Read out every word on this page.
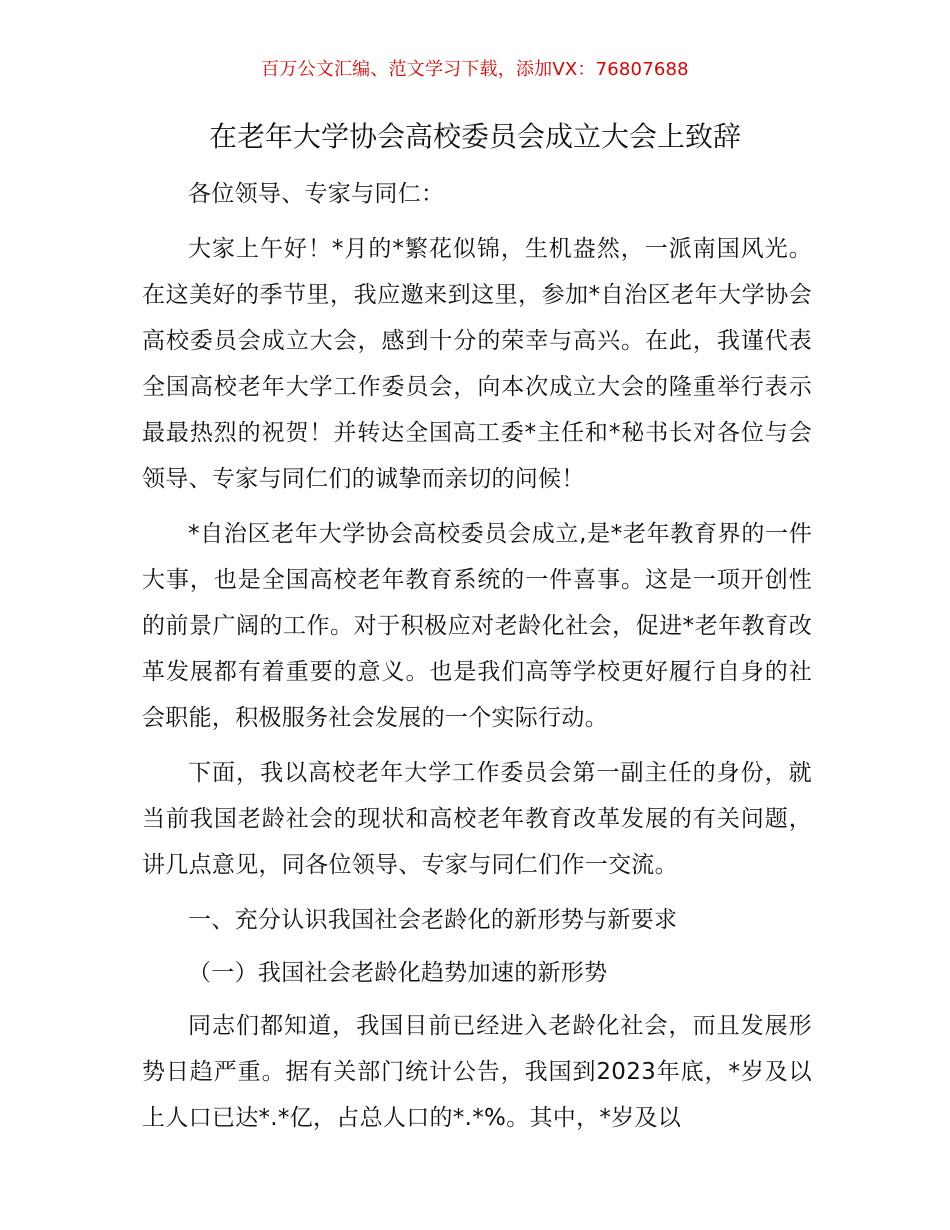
百万公文汇编、范文学习下载，添加VX：76807688
在老年大学协会高校委员会成立大会上致辞

各位领导、专家与同仁：

大家上午好！*月的*繁花似锦，生机盎然，一派南国风光。在这美好的季节里，我应邀来到这里，参加*自治区老年大学协会高校委员会成立大会，感到十分的荣幸与高兴。在此，我谨代表全国高校老年大学工作委员会，向本次成立大会的隆重举行表示最最热烈的祝贺！并转达全国高工委*主任和*秘书长对各位与会领导、专家与同仁们的诚挚而亲切的问候！

*自治区老年大学协会高校委员会成立,是*老年教育界的一件大事，也是全国高校老年教育系统的一件喜事。这是一项开创性的前景广阔的工作。对于积极应对老龄化社会，促进*老年教育改革发展都有着重要的意义。也是我们高等学校更好履行自身的社会职能，积极服务社会发展的一个实际行动。

下面，我以高校老年大学工作委员会第一副主任的身份，就当前我国老龄社会的现状和高校老年教育改革发展的有关问题，讲几点意见，同各位领导、专家与同仁们作一交流。

一、充分认识我国社会老龄化的新形势与新要求

（一）我国社会老龄化趋势加速的新形势

同志们都知道，我国目前已经进入老龄化社会，而且发展形势日趋严重。据有关部门统计公告，我国到2023年底，*岁及以上人口已达*.*亿，占总人口的*.*%。其中，*岁及以
